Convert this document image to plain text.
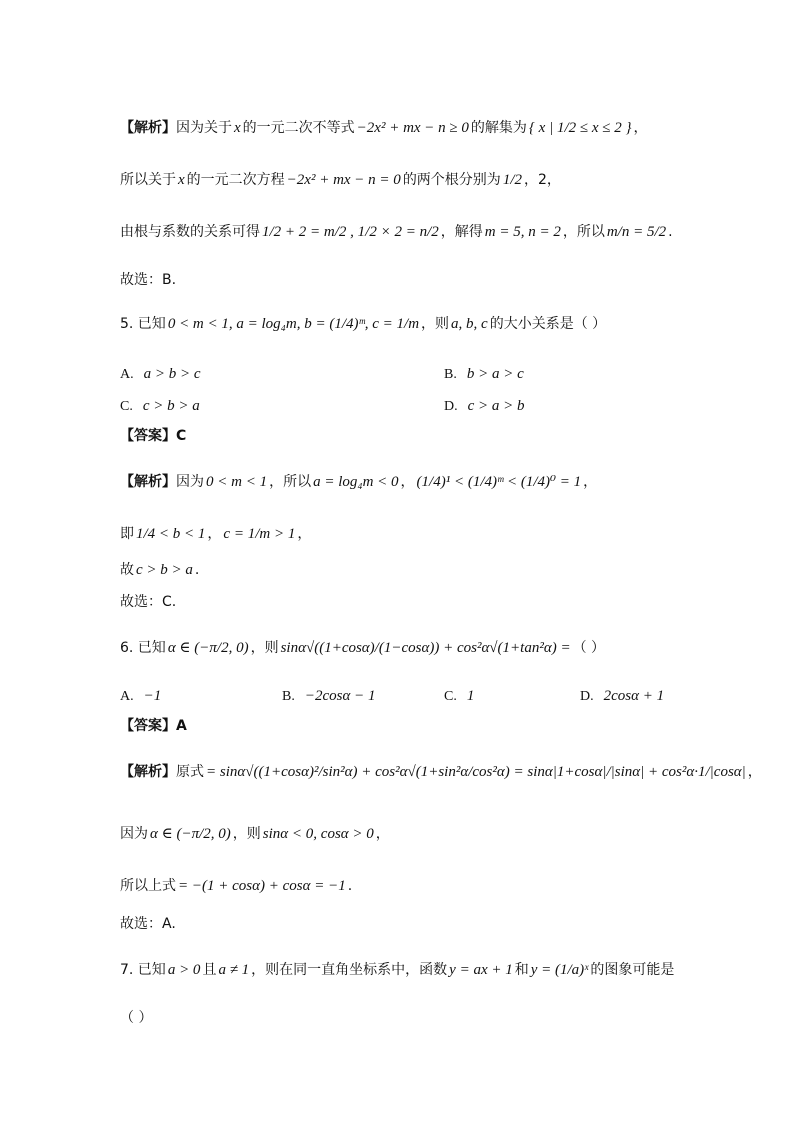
【解析】 因为关于 x 的一元二次不等式 −2x² + mx − n ≥ 0 的解集为 { x | 1/2 ≤ x ≤ 2 } ，
所以关于 x 的一元二次方程 −2x² + mx − n = 0 的两个根分别为 1/2 ，2，
由根与系数的关系可得 1/2 + 2 = m/2 , 1/2 × 2 = n/2 ，解得 m = 5, n = 2 ，所以 m/n = 5/2 .
故选：B.
5. 已知 0 < m < 1, a = log₄m, b = (1/4)ᵐ, c = 1/m ，则 a, b, c 的大小关系是（ ）
【答案】C
【解析】 因为 0 < m < 1 ，所以 a = log₄m < 0 ， (1/4)¹ < (1/4)ᵐ < (1/4)⁰ = 1 ，
即 1/4 < b < 1 ， c = 1/m > 1 ，
故 c > b > a .
故选：C.
6. 已知 α ∈ (−π/2, 0) ，则 sinα√((1+cosα)/(1−cosα)) + cos²α√(1+tan²α) = （ ）
【答案】A
【解析】 原式 = sinα√((1+cosα)²/sin²α) + cos²α√(1+sin²α/cos²α) = sinα|1+cosα|/|sinα| + cos²α·1/|cosα| ，
因为 α ∈ (−π/2, 0) ，则 sinα < 0, cosα > 0 ，
所以上式 = −(1 + cosα) + cosα = −1 .
故选：A.
7. 已知 a > 0 且 a ≠ 1 ，则在同一直角坐标系中，函数 y = ax + 1 和 y = (1/a)ˣ 的图象可能是
（ ）
A. a > b > c	B. b > a > c
C. c > b > a	D. c > a > b
A. −1	B. −2cosα − 1	C. 1	D. 2cosα + 1
